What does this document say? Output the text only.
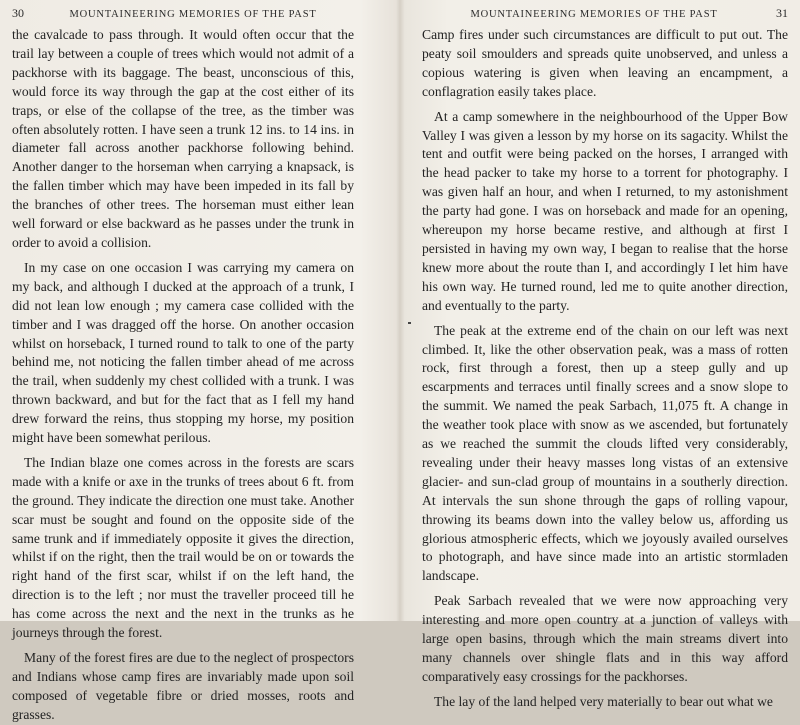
30	MOUNTAINEERING MEMORIES OF THE PAST

the cavalcade to pass through. It would often occur that the trail lay between a couple of trees which would not admit of a packhorse with its baggage. The beast, unconscious of this, would force its way through the gap at the cost either of its traps, or else of the collapse of the tree, as the timber was often absolutely rotten. I have seen a trunk 12 ins. to 14 ins. in diameter fall across another packhorse following behind. Another danger to the horseman when carrying a knapsack, is the fallen timber which may have been impeded in its fall by the branches of other trees. The horseman must either lean well forward or else backward as he passes under the trunk in order to avoid a collision.

In my case on one occasion I was carrying my camera on my back, and although I ducked at the approach of a trunk, I did not lean low enough ; my camera case collided with the timber and I was dragged off the horse. On another occasion whilst on horseback, I turned round to talk to one of the party behind me, not noticing the fallen timber ahead of me across the trail, when suddenly my chest collided with a trunk. I was thrown backward, and but for the fact that as I fell my hand drew forward the reins, thus stopping my horse, my position might have been somewhat perilous.

The Indian blaze one comes across in the forests are scars made with a knife or axe in the trunks of trees about 6 ft. from the ground. They indicate the direction one must take. Another scar must be sought and found on the opposite side of the same trunk and if immediately opposite it gives the direction, whilst if on the right, then the trail would be on or towards the right hand of the first scar, whilst if on the left hand, the direction is to the left ; nor must the traveller proceed till he has come across the next and the next in the trunks as he journeys through the forest.

Many of the forest fires are due to the neglect of prospectors and Indians whose camp fires are invariably made upon soil composed of vegetable fibre or dried mosses, roots and grasses.

MOUNTAINEERING MEMORIES OF THE PAST	31

Camp fires under such circumstances are difficult to put out. The peaty soil smoulders and spreads quite unobserved, and unless a copious watering is given when leaving an encampment, a conflagration easily takes place.

At a camp somewhere in the neighbourhood of the Upper Bow Valley I was given a lesson by my horse on its sagacity. Whilst the tent and outfit were being packed on the horses, I arranged with the head packer to take my horse to a torrent for photography. I was given half an hour, and when I returned, to my astonishment the party had gone. I was on horseback and made for an opening, whereupon my horse became restive, and although at first I persisted in having my own way, I began to realise that the horse knew more about the route than I, and accordingly I let him have his own way. He turned round, led me to quite another direction, and eventually to the party.

The peak at the extreme end of the chain on our left was next climbed. It, like the other observation peak, was a mass of rotten rock, first through a forest, then up a steep gully and up escarpments and terraces until finally screes and a snow slope to the summit. We named the peak Sarbach, 11,075 ft. A change in the weather took place with snow as we ascended, but fortunately as we reached the summit the clouds lifted very considerably, revealing under their heavy masses long vistas of an extensive glacier- and sun-clad group of mountains in a southerly direction. At intervals the sun shone through the gaps of rolling vapour, throwing its beams down into the valley below us, affording us glorious atmospheric effects, which we joyously availed ourselves to photograph, and have since made into an artistic stormladen landscape.

Peak Sarbach revealed that we were now approaching very interesting and more open country at a junction of valleys with large open basins, through which the main streams divert into many channels over shingle flats and in this way afford comparatively easy crossings for the packhorses.

The lay of the land helped very materially to bear out what we
